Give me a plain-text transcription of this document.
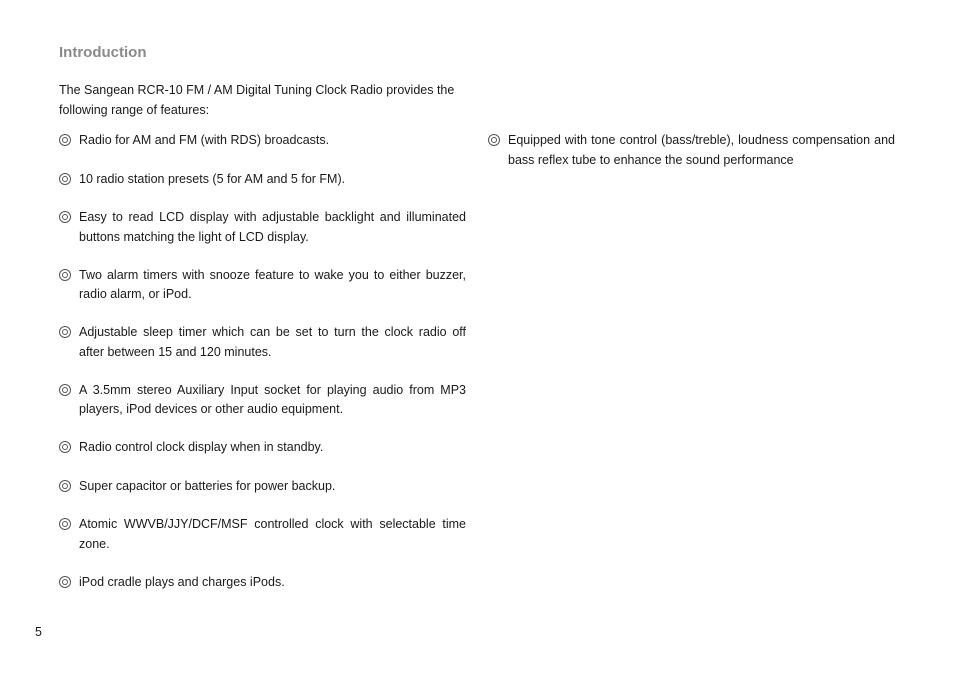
Introduction

The Sangean RCR-10 FM / AM Digital Tuning Clock Radio provides the following range of features:

Radio for AM and FM (with RDS) broadcasts.
10 radio station presets (5 for AM and 5 for FM).
Easy to read LCD display with adjustable backlight and illuminated buttons matching the light of LCD display.
Two alarm timers with snooze feature to wake you to either buzzer, radio alarm, or iPod.
Adjustable sleep timer which can be set to turn the clock radio off after between 15 and 120 minutes.
A 3.5mm stereo Auxiliary Input socket for playing audio from MP3 players, iPod devices or other audio equipment.
Radio control clock display when in standby.
Super capacitor or batteries for power backup.
Atomic WWVB/JJY/DCF/MSF controlled clock with selectable time zone.
iPod cradle plays and charges iPods.
Equipped with tone control (bass/treble), loudness compensation and bass reflex tube to enhance the sound performance
5
